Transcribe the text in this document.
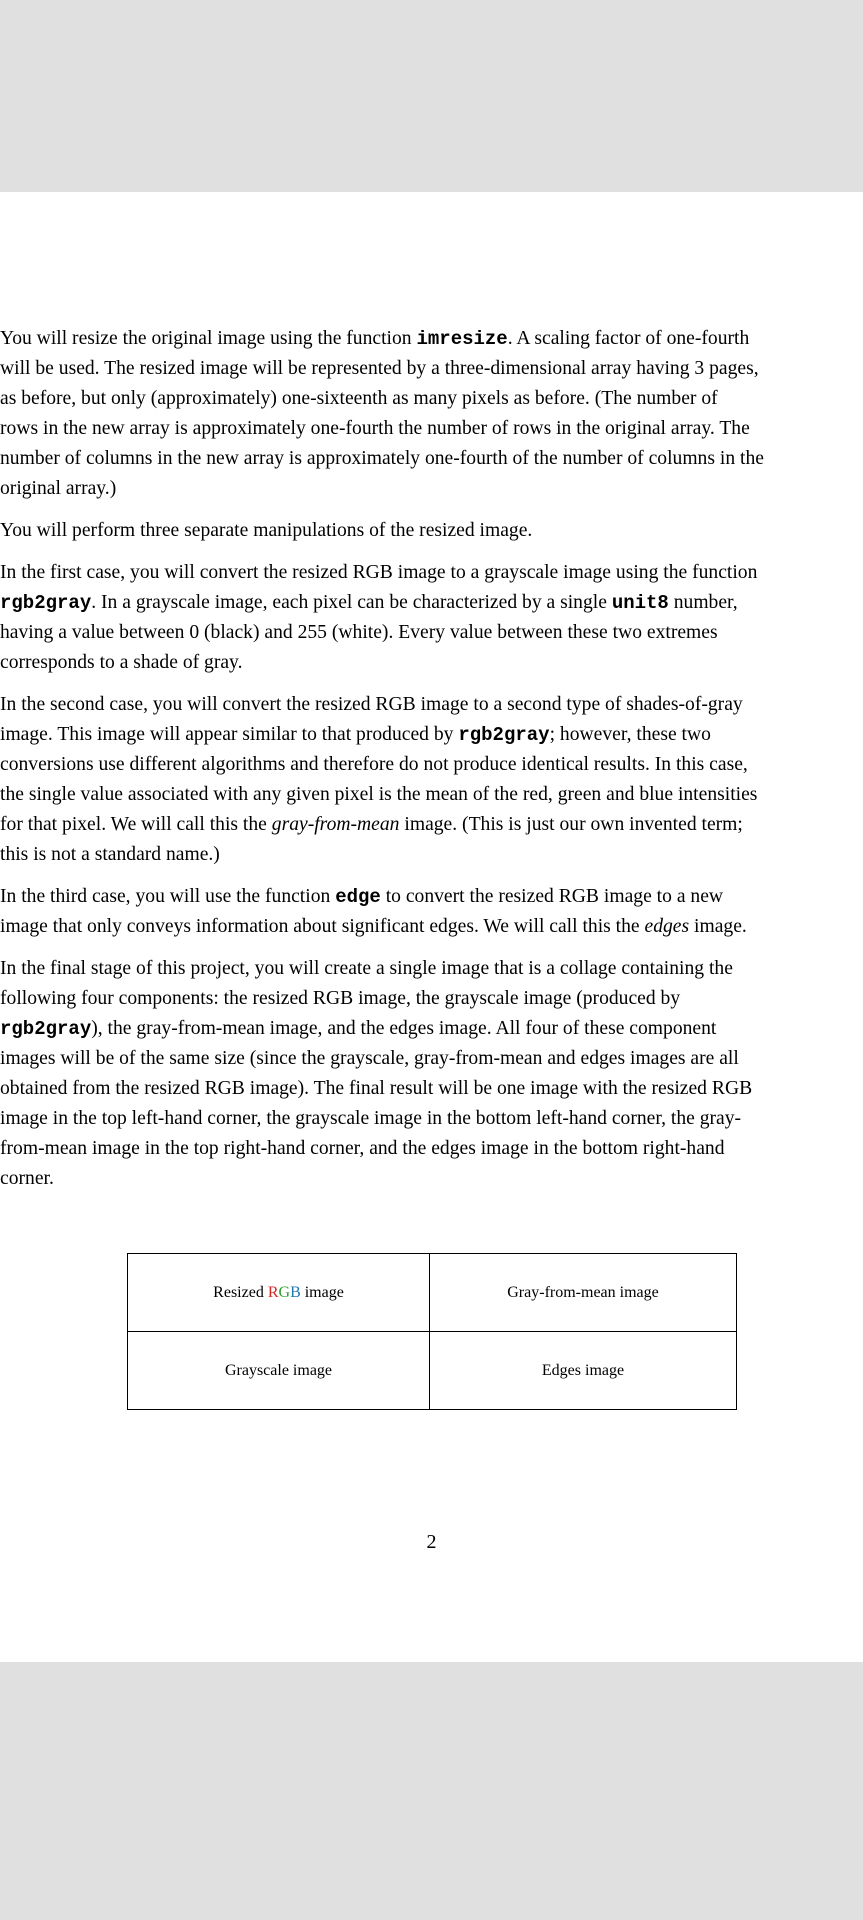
You will resize the original image using the function imresize. A scaling factor of one-fourth
will be used. The resized image will be represented by a three-dimensional array having 3 pages,
as before, but only (approximately) one-sixteenth as many pixels as before. (The number of
rows in the new array is approximately one-fourth the number of rows in the original array. The
number of columns in the new array is approximately one-fourth of the number of columns in the
original array.)

You will perform three separate manipulations of the resized image.

In the first case, you will convert the resized RGB image to a grayscale image using the function
rgb2gray. In a grayscale image, each pixel can be characterized by a single unit8 number,
having a value between 0 (black) and 255 (white). Every value between these two extremes
corresponds to a shade of gray.

In the second case, you will convert the resized RGB image to a second type of shades-of-gray
image. This image will appear similar to that produced by rgb2gray; however, these two
conversions use different algorithms and therefore do not produce identical results. In this case,
the single value associated with any given pixel is the mean of the red, green and blue intensities
for that pixel. We will call this the gray-from-mean image. (This is just our own invented term;
this is not a standard name.)

In the third case, you will use the function edge to convert the resized RGB image to a new
image that only conveys information about significant edges. We will call this the edges image.

In the final stage of this project, you will create a single image that is a collage containing the
following four components: the resized RGB image, the grayscale image (produced by
rgb2gray), the gray-from-mean image, and the edges image. All four of these component
images will be of the same size (since the grayscale, gray-from-mean and edges images are all
obtained from the resized RGB image). The final result will be one image with the resized RGB
image in the top left-hand corner, the grayscale image in the bottom left-hand corner, the gray-
from-mean image in the top right-hand corner, and the edges image in the bottom right-hand
corner.

Resized RGB image	Gray-from-mean image
Grayscale image	Edges image
2
